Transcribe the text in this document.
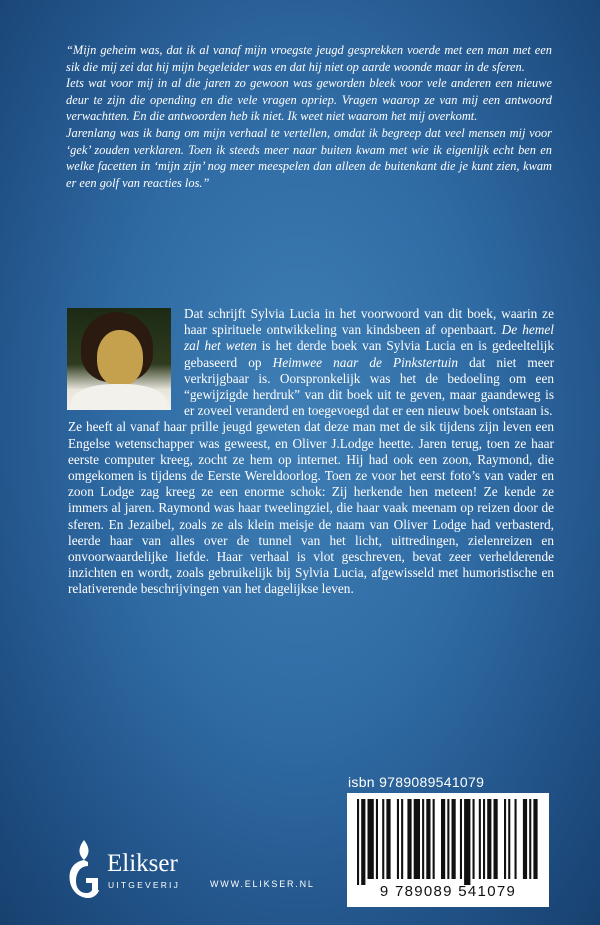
“Mijn geheim was, dat ik al vanaf mijn vroegste jeugd gesprekken voerde met een man met een sik die mij zei dat hij mijn begeleider was en dat hij niet op aarde woonde maar in de sferen.

Iets wat voor mij in al die jaren zo gewoon was geworden bleek voor vele anderen een nieuwe deur te zijn die opending en die vele vragen opriep. Vragen waarop ze van mij een antwoord verwachtten. En die antwoorden heb ik niet. Ik weet niet waarom het mij overkomt.

Jarenlang was ik bang om mijn verhaal te vertellen, omdat ik begreep dat veel mensen mij voor ‘gek’ zouden verklaren. Toen ik steeds meer naar buiten kwam met wie ik eigenlijk echt ben en welke facetten in ‘mijn zijn’ nog meer meespelen dan alleen de buitenkant die je kunt zien, kwam er een golf van reacties los.”

Dat schrijft Sylvia Lucia in het voorwoord van dit boek, waarin ze haar spirituele ontwikkeling van kindsbeen af openbaart. De hemel zal het weten is het derde boek van Sylvia Lucia en is gedeeltelijk gebaseerd op Heimwee naar de Pinkstertuin dat niet meer verkrijgbaar is. Oorspronkelijk was het de bedoeling om een “gewijzigde herdruk” van dit boek uit te geven, maar gaandeweg is er zoveel veranderd en toegevoegd dat er een nieuw boek ontstaan is.

Ze heeft al vanaf haar prille jeugd geweten dat deze man met de sik tijdens zijn leven een Engelse wetenschapper was geweest, en Oliver J.Lodge heette. Jaren terug, toen ze haar eerste computer kreeg, zocht ze hem op internet. Hij had ook een zoon, Raymond, die omgekomen is tijdens de Eerste Wereldoorlog. Toen ze voor het eerst foto’s van vader en zoon Lodge zag kreeg ze een enorme schok: Zij herkende hen meteen! Ze kende ze immers al jaren. Raymond was haar tweelingziel, die haar vaak meenam op reizen door de sferen. En Jezaibel, zoals ze als klein meisje de naam van Oliver Lodge had verbasterd, leerde haar van alles over de tunnel van het licht, uittredingen, zielenreizen en onvoorwaardelijke liefde. Haar verhaal is vlot geschreven, bevat zeer verhelderende inzichten en wordt, zoals gebruikelijk bij Sylvia Lucia, afgewisseld met humoristische en relativerende beschrijvingen van het dagelijkse leven.

isbn 9789089541079
9 789089 541079
Elikser
UITGEVERIJ	WWW.ELIKSER.NL
